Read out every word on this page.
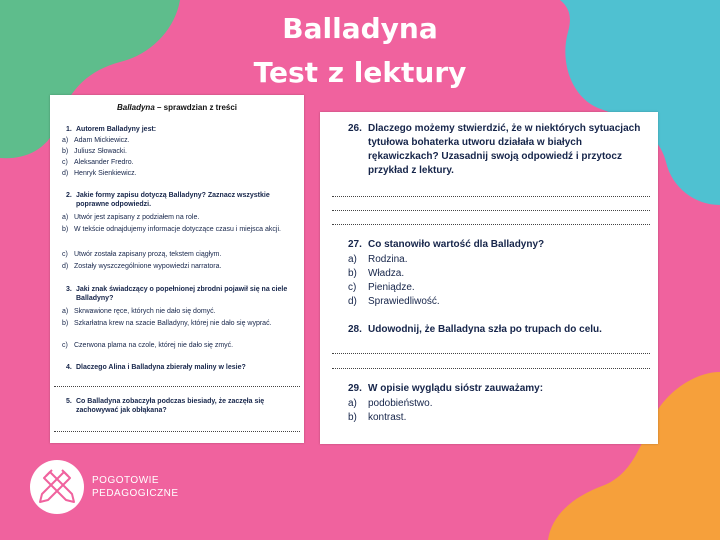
Balladyna
Test z lektury
Balladyna – sprawdzian z treści
1. Autorem Balladyny jest:
a) Adam Mickiewicz.
b) Juliusz Słowacki.
c) Aleksander Fredro.
d) Henryk Sienkiewicz.
2. Jakie formy zapisu dotyczą Balladyny? Zaznacz wszystkie poprawne odpowiedzi.
a) Utwór jest zapisany z podziałem na role.
b) W tekście odnajdujemy informacje dotyczące czasu i miejsca akcji.
c) Utwór została zapisany prozą, tekstem ciągłym.
d) Zostały wyszczególnione wypowiedzi narratora.
3. Jaki znak świadczący o popełnionej zbrodni pojawił się na ciele Balladyny?
a) Skrwawione ręce, których nie dało się domyć.
b) Szkarłatna krew na szacie Balladyny, której nie dało się wyprać.
c) Czerwona plama na czole, której nie dało się zmyć.
4. Dlaczego Alina i Balladyna zbierały maliny w lesie?
5. Co Balladyna zobaczyła podczas biesiady, że zaczęła się zachowywać jak obłąkana?
26. Dlaczego możemy stwierdzić, że w niektórych sytuacjach tytułowa bohaterka utworu działała w białych rękawiczkach? Uzasadnij swoją odpowiedź i przytocz przykład z lektury.
27. Co stanowiło wartość dla Balladyny?
a)	Rodzina.
b)	Władza.
c)	Pieniądze.
d)	Sprawiedliwość.
28. Udowodnij, że Balladyna szła po trupach do celu.
29. W opisie wyglądu sióstr zauważamy:
a)	podobieństwo.
b)	kontrast.
POGOTOWIE
PEDAGOGICZNE
